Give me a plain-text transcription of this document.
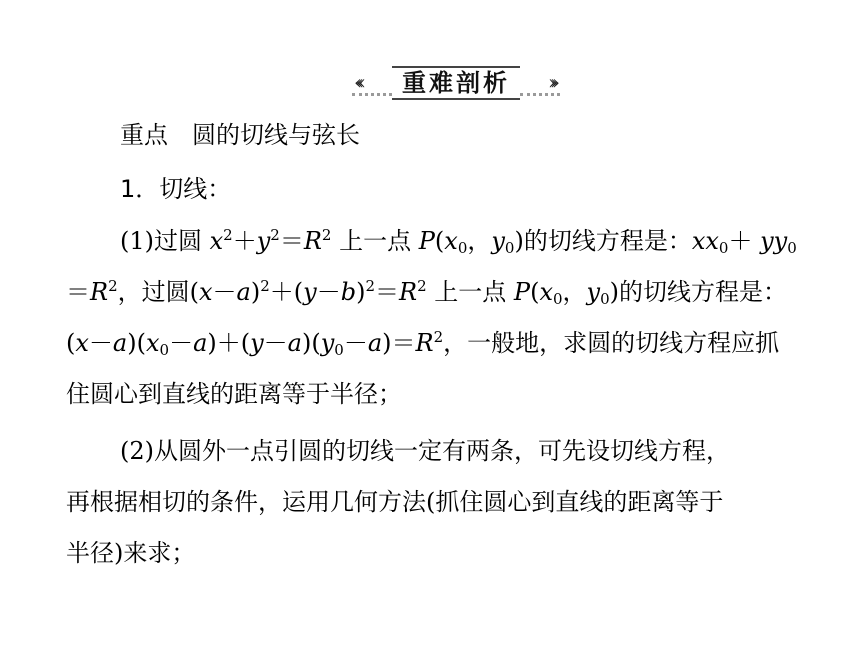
‹‹‹	重难剖析	›››
重点　圆的切线与弦长
1．切线：
(1)过圆 $x^2+y^2=R^2$ 上一点 $P(x_0$，$y_0$)的切线方程是：$xx_0+ yy_0$
$=R^2$，过圆$(x-a)^2+(y-b)^2=R^2$ 上一点 $P(x_0$，$y_0$)的切线方程是：
$(x-a)(x_0-a)+(y-a)(y_0-a)=R^2$，一般地，求圆的切线方程应抓
住圆心到直线的距离等于半径；
(2)从圆外一点引圆的切线一定有两条，可先设切线方程，
再根据相切的条件，运用几何方法(抓住圆心到直线的距离等于
半径)来求；
